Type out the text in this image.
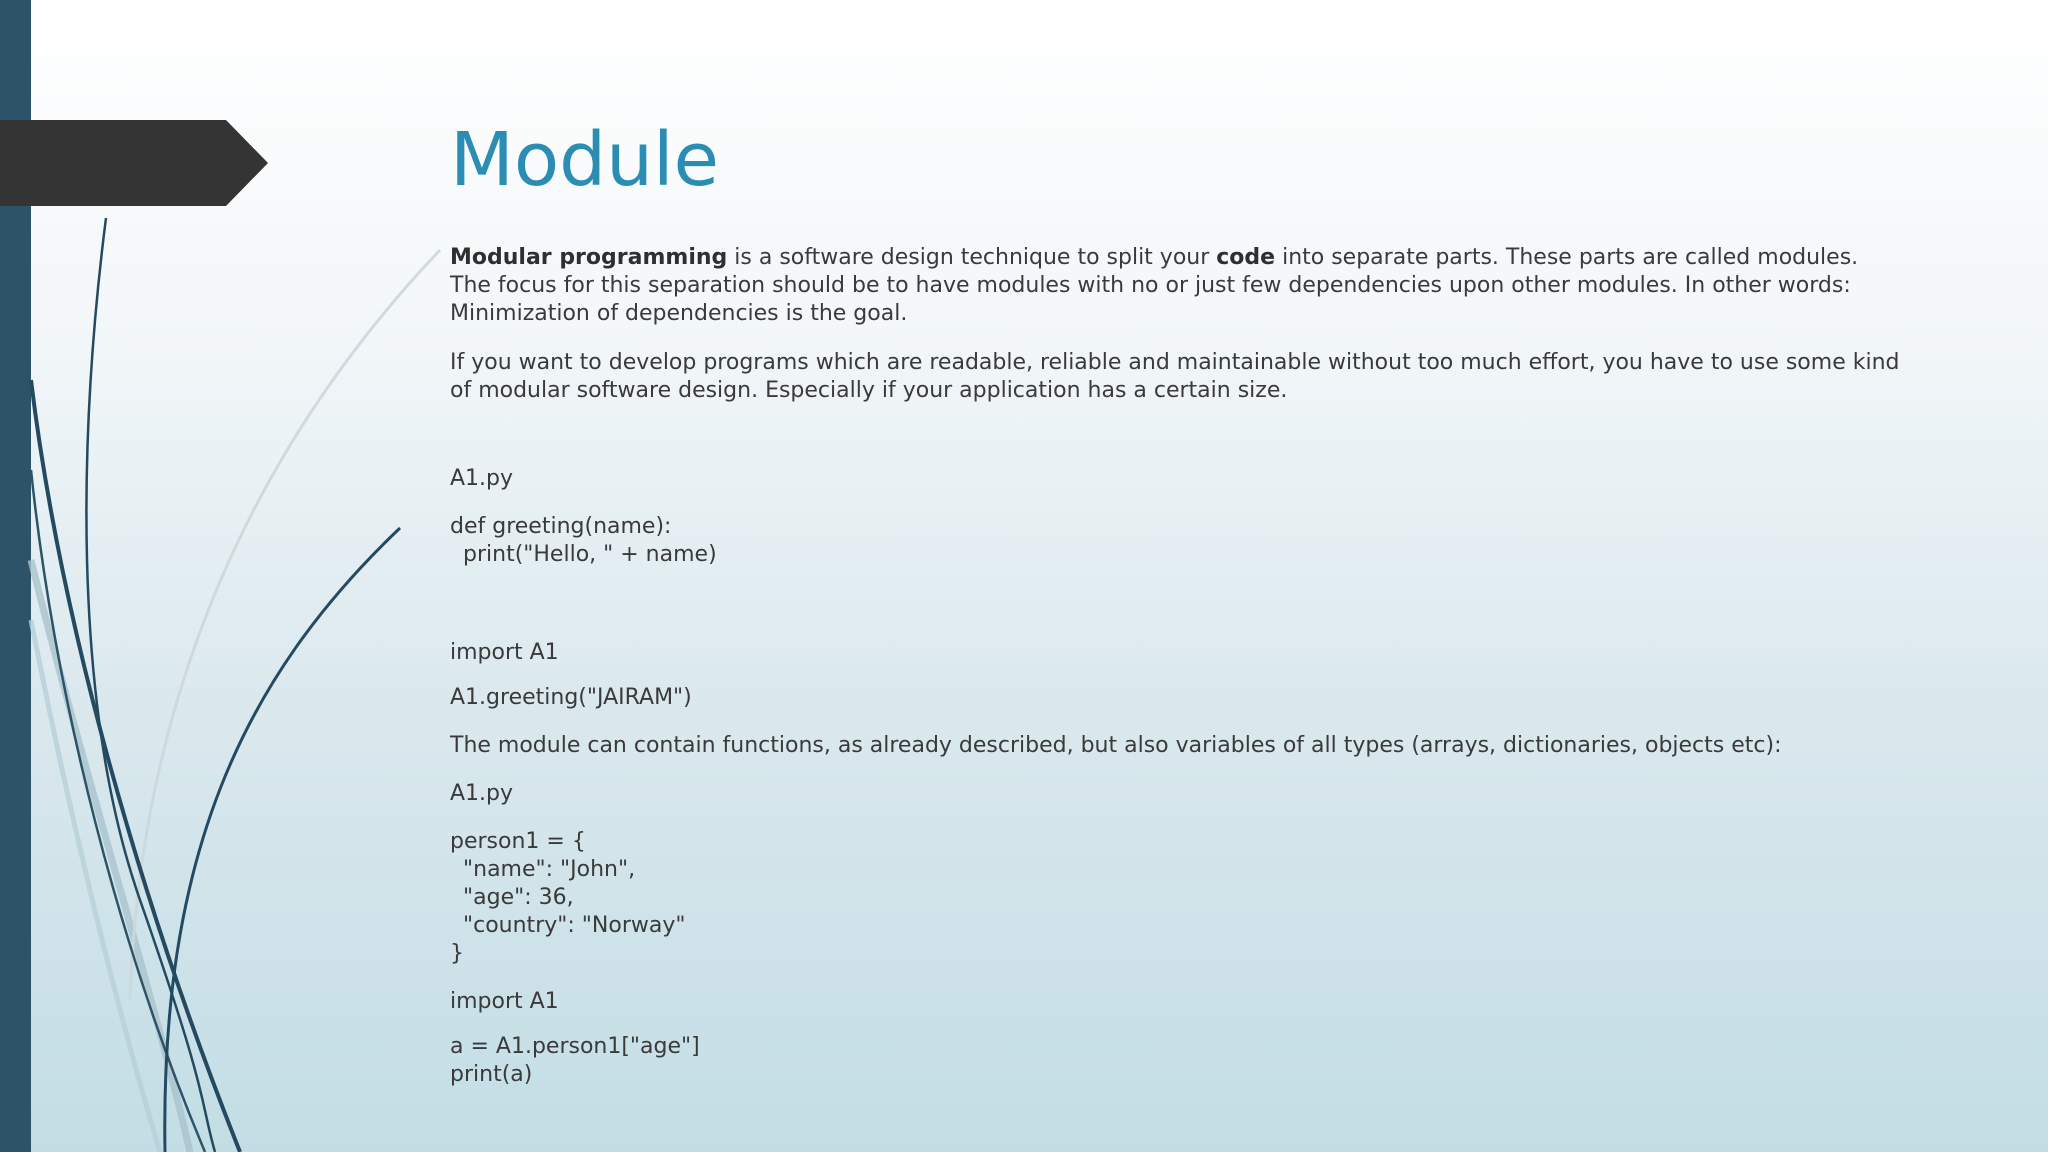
Module

Modular programming is a software design technique to split your code into separate parts. These parts are called modules. The focus for this separation should be to have modules with no or just few dependencies upon other modules. In other words: Minimization of dependencies is the goal.

If you want to develop programs which are readable, reliable and maintainable without too much effort, you have to use some kind of modular software design. Especially if your application has a certain size.

A1.py

def greeting(name):
print("Hello, " + name)

import A1

A1.greeting("JAIRAM")

The module can contain functions, as already described, but also variables of all types (arrays, dictionaries, objects etc):

A1.py

person1 = {
"name": "John",
"age": 36,
"country": "Norway"
}

import A1

a = A1.person1["age"]
print(a)
